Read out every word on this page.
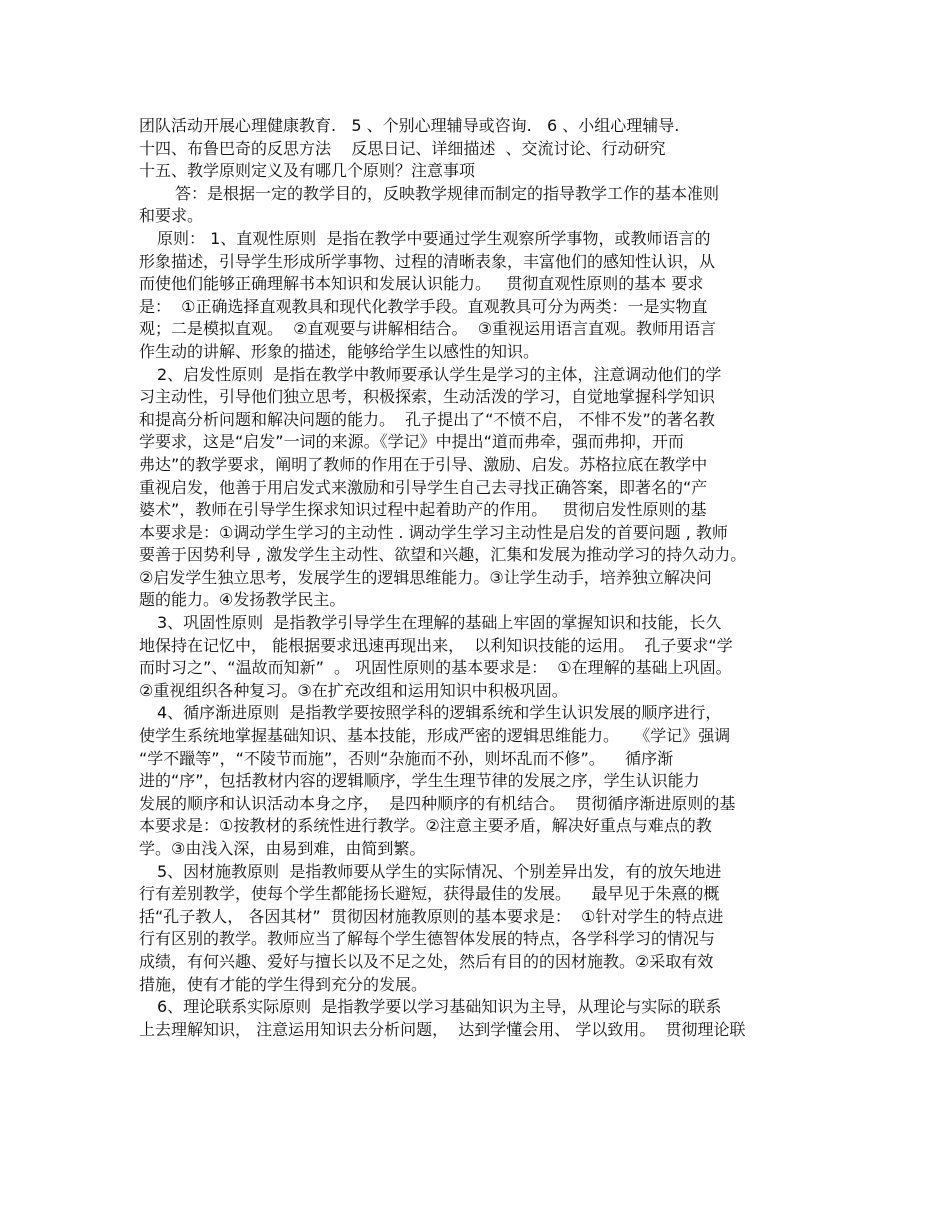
团队活动开展心理健康教育.   5 、个别心理辅导或咨询.   6 、小组心理辅导.
十四、布鲁巴奇的反思方法    反思日记、详细描述  、交流讨论、行动研究
十五、教学原则定义及有哪几个原则？注意事项
答：是根据一定的教学目的，反映教学规律而制定的指导教学工作的基本准则
和要求。
原则： 1、直观性原则  是指在教学中要通过学生观察所学事物，或教师语言的
形象描述，引导学生形成所学事物、过程的清晰表象，丰富他们的感知性认识，从
而使他们能够正确理解书本知识和发展认识能力。   贯彻直观性原则的基本 要求
是：  ①正确选择直观教具和现代化教学手段。直观教具可分为两类：一是实物直
观；二是模拟直观。  ②直观要与讲解相结合。  ③重视运用语言直观。教师用语言
作生动的讲解、形象的描述，能够给学生以感性的知识。
2、启发性原则  是指在教学中教师要承认学生是学习的主体，注意调动他们的学
习主动性，引导他们独立思考，积极探索，生动活泼的学习，自觉地掌握科学知识
和提高分析问题和解决问题的能力。  孔子提出了“不愤不启， 不悱不发”的著名教
学要求，这是“启发”一词的来源。《学记》中提出“道而弗牵，强而弗抑，开而
弗达”的教学要求，阐明了教师的作用在于引导、激励、启发。苏格拉底在教学中
重视启发，他善于用启发式来激励和引导学生自己去寻找正确答案，即著名的“产
婆术”，教师在引导学生探求知识过程中起着助产的作用。   贯彻启发性原则的基
本要求是：①调动学生学习的主动性 . 调动学生学习主动性是启发的首要问题 , 教师
要善于因势利导 , 激发学生主动性、欲望和兴趣，汇集和发展为推动学习的持久动力。
②启发学生独立思考，发展学生的逻辑思维能力。③让学生动手，培养独立解决问
题的能力。④发扬教学民主。
3、巩固性原则  是指教学引导学生在理解的基础上牢固的掌握知识和技能，长久
地保持在记忆中， 能根据要求迅速再现出来，  以利知识技能的运用。  孔子要求“学
而时习之”、“温故而知新”  。 巩固性原则的基本要求是：  ①在理解的基础上巩固。
②重视组织各种复习。③在扩充改组和运用知识中积极巩固。
4、循序渐进原则  是指教学要按照学科的逻辑系统和学生认识发展的顺序进行，
使学生系统地掌握基础知识、基本技能，形成严密的逻辑思维能力。   《学记》强调
“学不躐等”，“不陵节而施”，否则“杂施而不孙，则坏乱而不修”。    循序渐
进的“序”，包括教材内容的逻辑顺序，学生生理节律的发展之序，学生认识能力
发展的顺序和认识活动本身之序，  是四种顺序的有机结合。  贯彻循序渐进原则的基
本要求是：①按教材的系统性进行教学。②注意主要矛盾，解决好重点与难点的教
学。③由浅入深，由易到难，由简到繁。
5、因材施教原则  是指教师要从学生的实际情况、个别差异出发，有的放矢地进
行有差别教学，使每个学生都能扬长避短，获得最佳的发展。    最早见于朱熹的概
括“孔子教人， 各因其材”  贯彻因材施教原则的基本要求是：  ①针对学生的特点进
行有区别的教学。教师应当了解每个学生德智体发展的特点，各学科学习的情况与
成绩，有何兴趣、爱好与擅长以及不足之处，然后有目的的因材施教。②采取有效
措施，使有才能的学生得到充分的发展。
6、理论联系实际原则  是指教学要以学习基础知识为主导，从理论与实际的联系
上去理解知识， 注意运用知识去分析问题，  达到学懂会用、 学以致用。  贯彻理论联
